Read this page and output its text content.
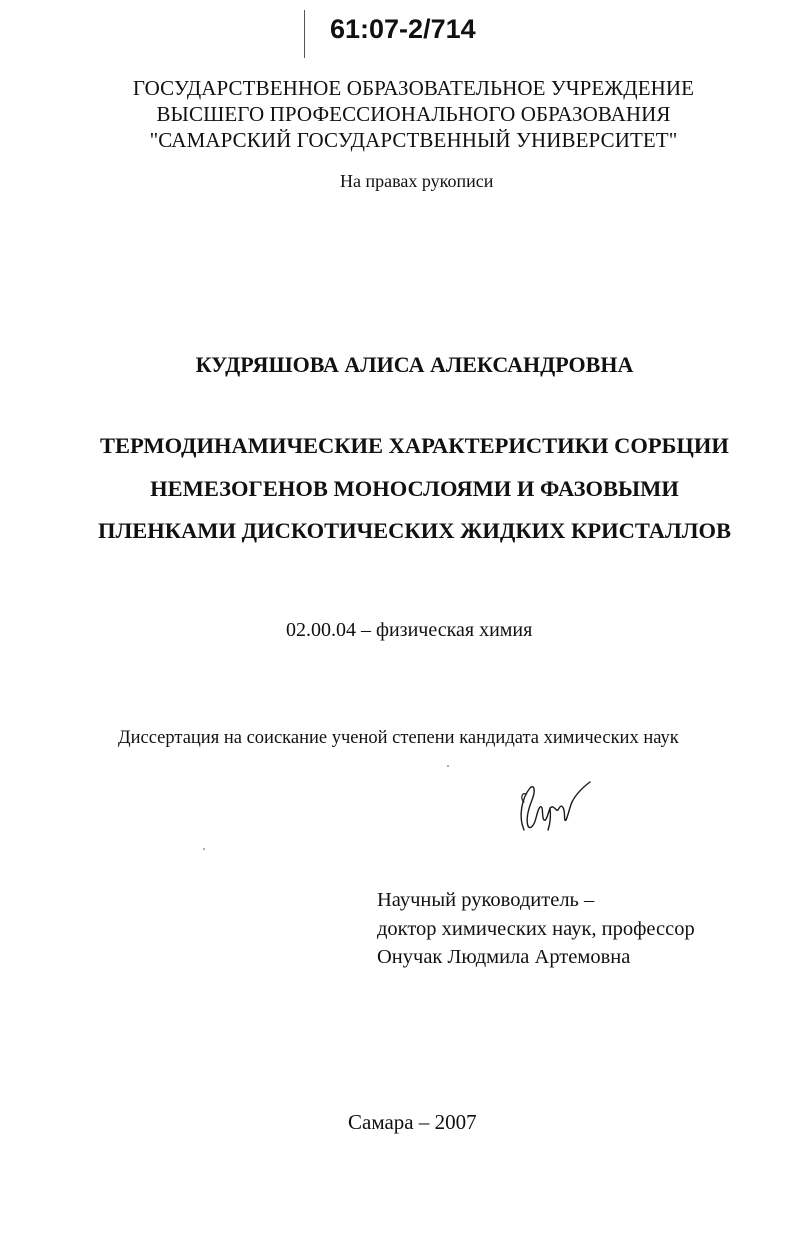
61:07-2/714
ГОСУДАРСТВЕННОЕ ОБРАЗОВАТЕЛЬНОЕ УЧРЕЖДЕНИЕ
ВЫСШЕГО ПРОФЕССИОНАЛЬНОГО ОБРАЗОВАНИЯ
"САМАРСКИЙ ГОСУДАРСТВЕННЫЙ УНИВЕРСИТЕТ"
На правах рукописи
КУДРЯШОВА АЛИСА АЛЕКСАНДРОВНА
ТЕРМОДИНАМИЧЕСКИЕ ХАРАКТЕРИСТИКИ СОРБЦИИ
НЕМЕЗОГЕНОВ МОНОСЛОЯМИ И ФАЗОВЫМИ
ПЛЕНКАМИ ДИСКОТИЧЕСКИХ ЖИДКИХ КРИСТАЛЛОВ
02.00.04 – физическая химия
Диссертация на соискание ученой степени кандидата химических наук
Научный руководитель –
доктор химических наук, профессор
Онучак Людмила Артемовна
Самара – 2007
